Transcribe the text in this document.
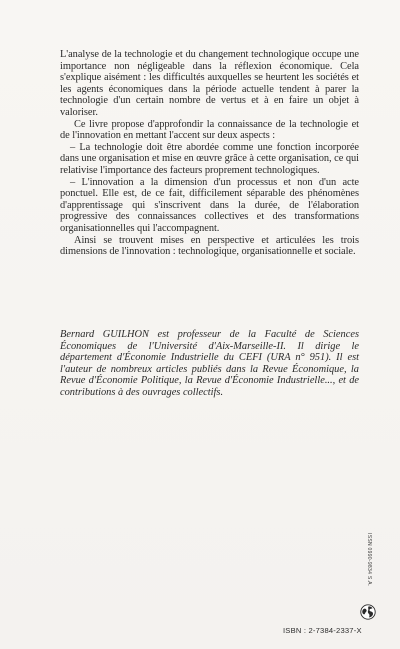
L'analyse de la technologie et du changement technologique occupe une importance non négligeable dans la réflexion économique. Cela s'explique aisément : les difficultés auxquelles se heurtent les sociétés et les agents économiques dans la période actuelle tendent à parer la technologie d'un certain nombre de vertus et à en faire un objet à valoriser.

Ce livre propose d'approfondir la connaissance de la technologie et de l'innovation en mettant l'accent sur deux aspects :

– La technologie doit être abordée comme une fonction incorporée dans une organisation et mise en œuvre grâce à cette organisation, ce qui relativise l'importance des facteurs proprement technologiques.

– L'innovation a la dimension d'un processus et non d'un acte ponctuel. Elle est, de ce fait, difficilement séparable des phénomènes d'apprentissage qui s'inscrivent dans la durée, de l'élaboration progressive des connaissances collectives et des transformations organisationnelles qui l'accompagnent.

Ainsi se trouvent mises en perspective et articulées les trois dimensions de l'innovation : technologique, organisationnelle et sociale.

Bernard GUILHON est professeur de la Faculté de Sciences Économiques de l'Université d'Aix-Marseille-II. Il dirige le département d'Économie Industrielle du CEFI (URA n° 951). Il est l'auteur de nombreux articles publiés dans la Revue Économique, la Revue d'Économie Politique, la Revue d'Économie Industrielle..., et de contributions à des ouvrages collectifs.

ISSN 0990-9834 S.A.
ISBN : 2-7384-2337-X
